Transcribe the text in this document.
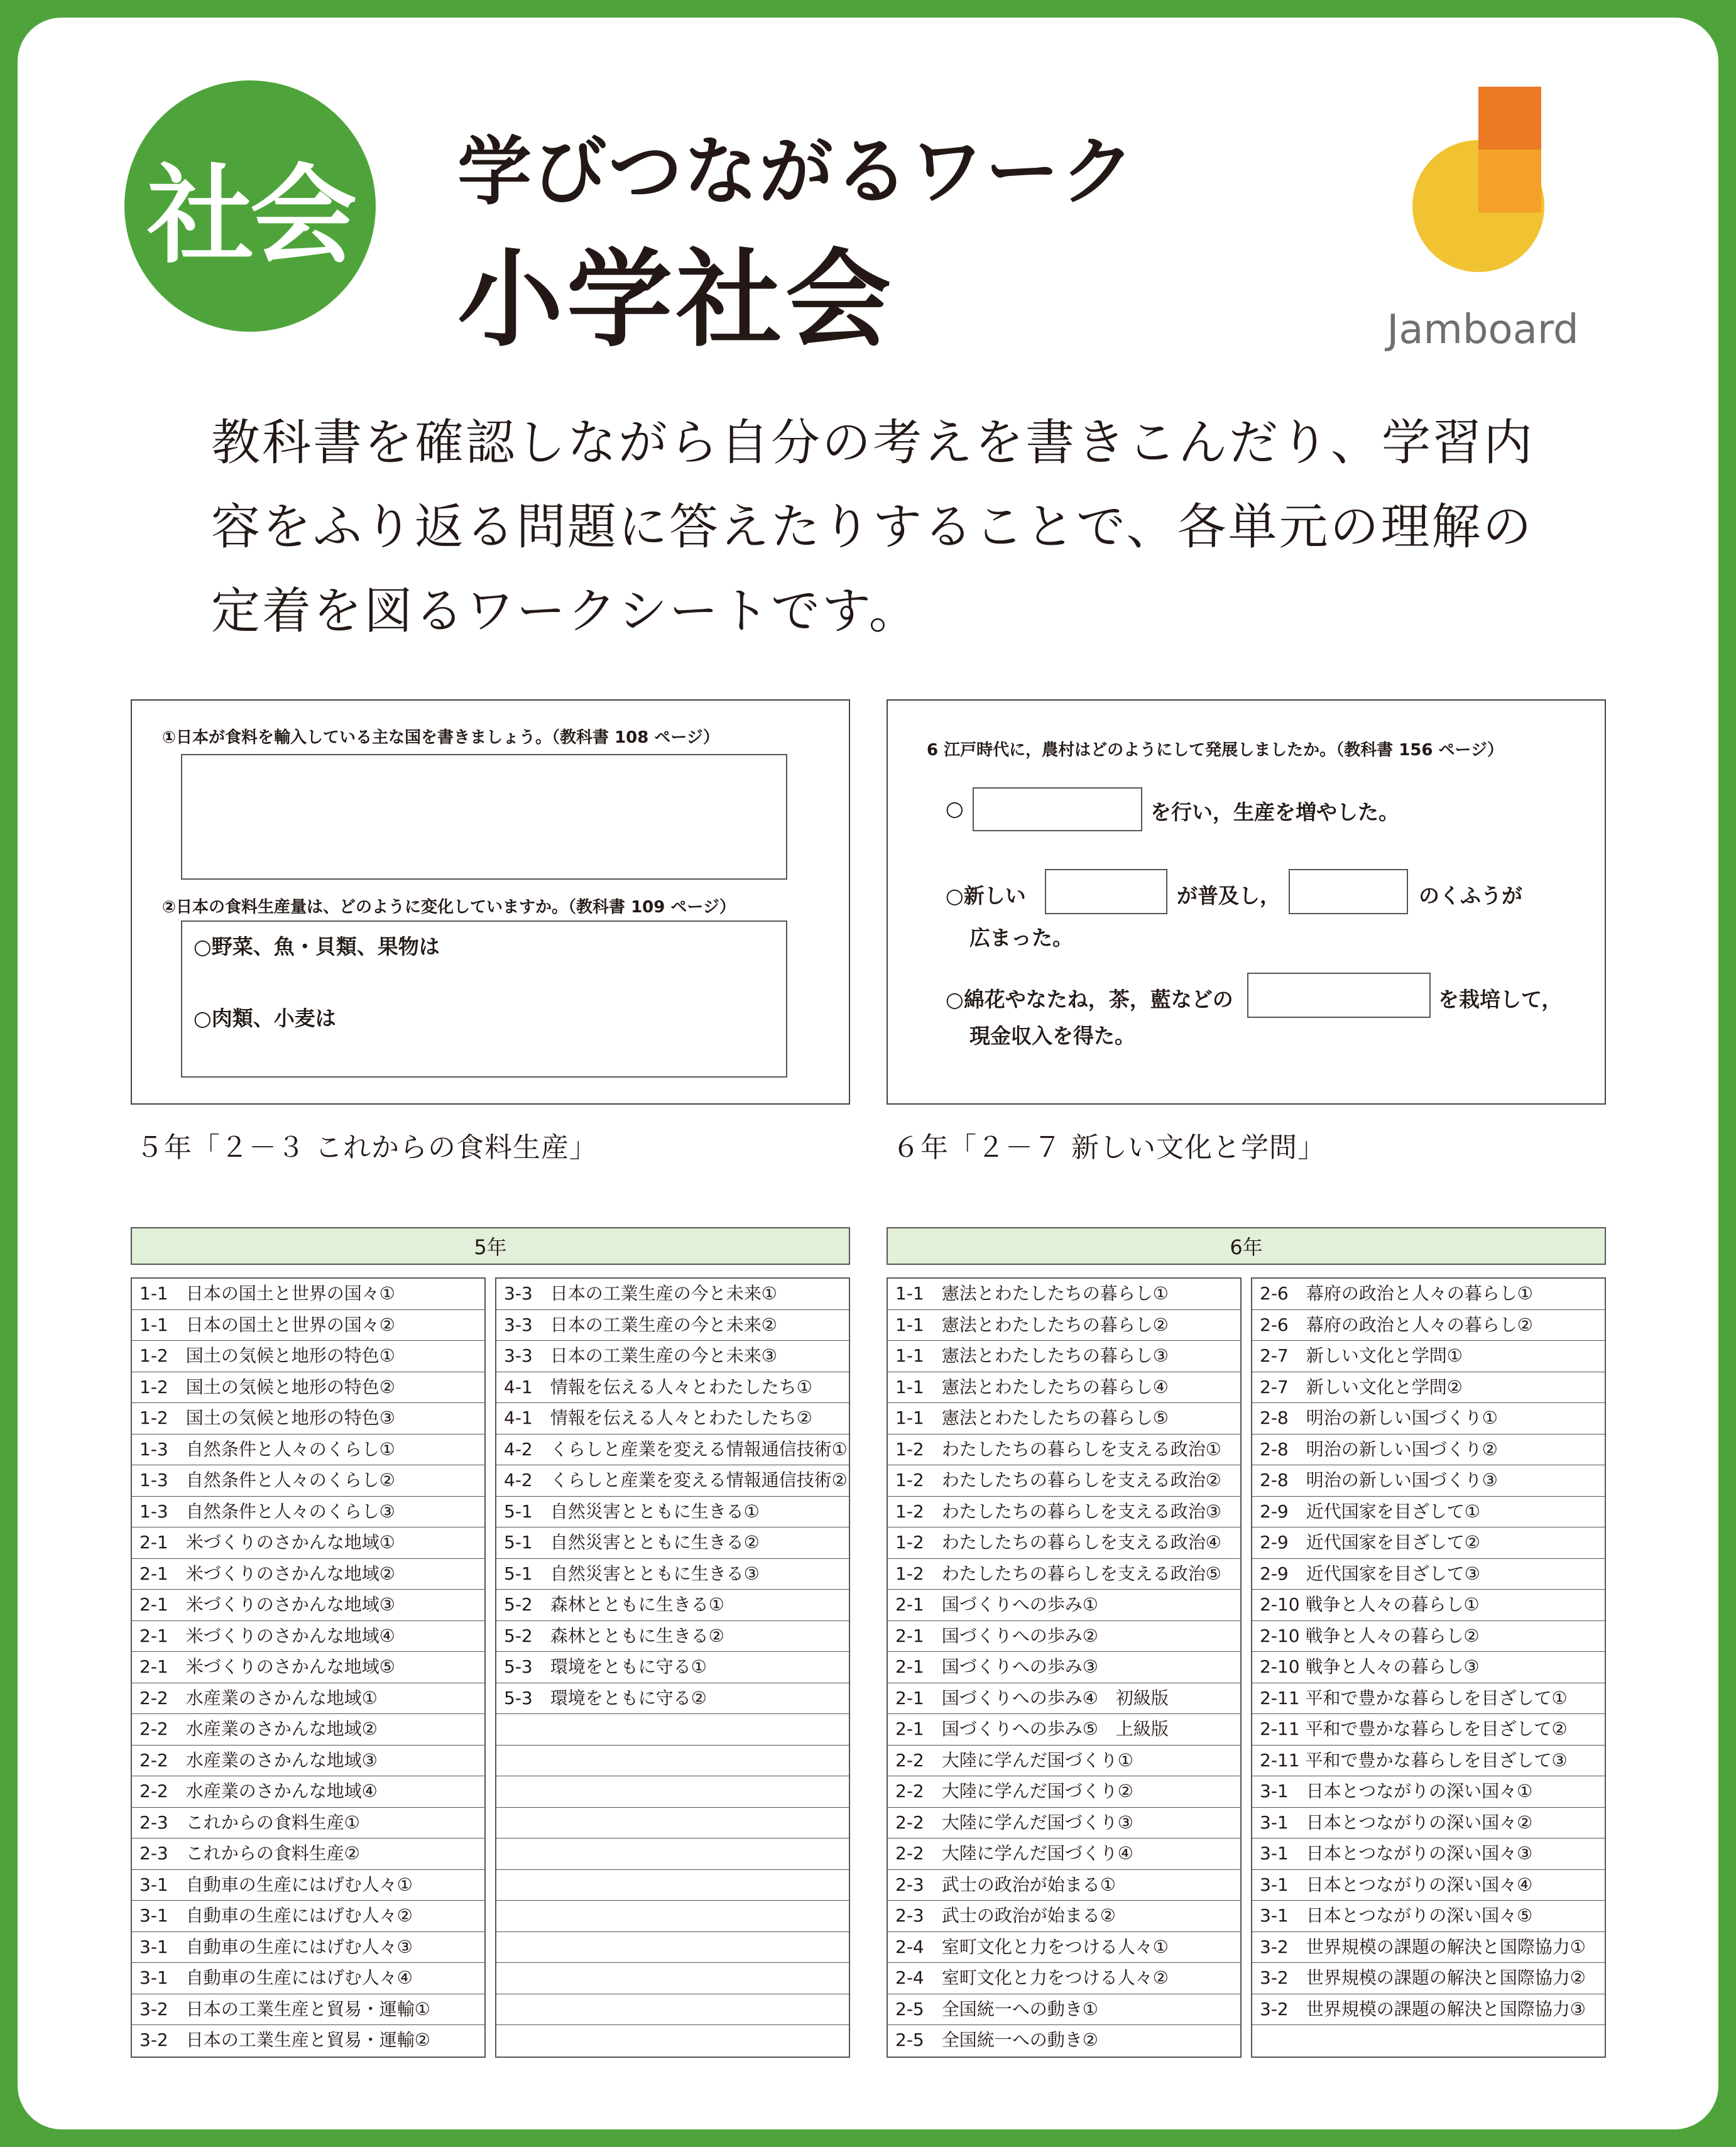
社会	学びつながるワーク
小学社会	Jamboard
教科書を確認しながら自分の考えを書きこんだり、学習内容をふり返る問題に答えたりすることで、各単元の理解の定着を図るワークシートです。
①日本が食料を輸入している主な国を書きましょう。（教科書 108 ページ）
②日本の食料生産量は、どのように変化していますか。（教科書 109 ページ）
○野菜、魚・貝類、果物は
○肉類、小麦は
５年「２－３ これからの食料生産」
6 江戸時代に，農村はどのようにして発展しましたか。（教科書 156 ページ）
○	を行い，生産を増やした。
○新しい	が普及し，	のくふうが
広まった。
○綿花やなたね，茶，藍などの	を栽培して，
現金収入を得た。
６年「２－７ 新しい文化と学問」
5年	6年
1-1　日本の国土と世界の国々①
1-1　日本の国土と世界の国々②
1-2　国土の気候と地形の特色①
1-2　国土の気候と地形の特色②
1-2　国土の気候と地形の特色③
1-3　自然条件と人々のくらし①
1-3　自然条件と人々のくらし②
1-3　自然条件と人々のくらし③
2-1　米づくりのさかんな地域①
2-1　米づくりのさかんな地域②
2-1　米づくりのさかんな地域③
2-1　米づくりのさかんな地域④
2-1　米づくりのさかんな地域⑤
2-2　水産業のさかんな地域①
2-2　水産業のさかんな地域②
2-2　水産業のさかんな地域③
2-2　水産業のさかんな地域④
2-3　これからの食料生産①
2-3　これからの食料生産②
3-1　自動車の生産にはげむ人々①
3-1　自動車の生産にはげむ人々②
3-1　自動車の生産にはげむ人々③
3-1　自動車の生産にはげむ人々④
3-2　日本の工業生産と貿易・運輸①
3-2　日本の工業生産と貿易・運輸②
3-3　日本の工業生産の今と未来①
3-3　日本の工業生産の今と未来②
3-3　日本の工業生産の今と未来③
4-1　情報を伝える人々とわたしたち①
4-1　情報を伝える人々とわたしたち②
4-2　くらしと産業を変える情報通信技術①
4-2　くらしと産業を変える情報通信技術②
5-1　自然災害とともに生きる①
5-1　自然災害とともに生きる②
5-1　自然災害とともに生きる③
5-2　森林とともに生きる①
5-2　森林とともに生きる②
5-3　環境をともに守る①
5-3　環境をともに守る②
1-1　憲法とわたしたちの暮らし①
1-1　憲法とわたしたちの暮らし②
1-1　憲法とわたしたちの暮らし③
1-1　憲法とわたしたちの暮らし④
1-1　憲法とわたしたちの暮らし⑤
1-2　わたしたちの暮らしを支える政治①
1-2　わたしたちの暮らしを支える政治②
1-2　わたしたちの暮らしを支える政治③
1-2　わたしたちの暮らしを支える政治④
1-2　わたしたちの暮らしを支える政治⑤
2-1　国づくりへの歩み①
2-1　国づくりへの歩み②
2-1　国づくりへの歩み③
2-1　国づくりへの歩み④　初級版
2-1　国づくりへの歩み⑤　上級版
2-2　大陸に学んだ国づくり①
2-2　大陸に学んだ国づくり②
2-2　大陸に学んだ国づくり③
2-2　大陸に学んだ国づくり④
2-3　武士の政治が始まる①
2-3　武士の政治が始まる②
2-4　室町文化と力をつける人々①
2-4　室町文化と力をつける人々②
2-5　全国統一への動き①
2-5　全国統一への動き②
2-6　幕府の政治と人々の暮らし①
2-6　幕府の政治と人々の暮らし②
2-7　新しい文化と学問①
2-7　新しい文化と学問②
2-8　明治の新しい国づくり①
2-8　明治の新しい国づくり②
2-8　明治の新しい国づくり③
2-9　近代国家を目ざして①
2-9　近代国家を目ざして②
2-9　近代国家を目ざして③
2-10 戦争と人々の暮らし①
2-10 戦争と人々の暮らし②
2-10 戦争と人々の暮らし③
2-11 平和で豊かな暮らしを目ざして①
2-11 平和で豊かな暮らしを目ざして②
2-11 平和で豊かな暮らしを目ざして③
3-1　日本とつながりの深い国々①
3-1　日本とつながりの深い国々②
3-1　日本とつながりの深い国々③
3-1　日本とつながりの深い国々④
3-1　日本とつながりの深い国々⑤
3-2　世界規模の課題の解決と国際協力①
3-2　世界規模の課題の解決と国際協力②
3-2　世界規模の課題の解決と国際協力③
